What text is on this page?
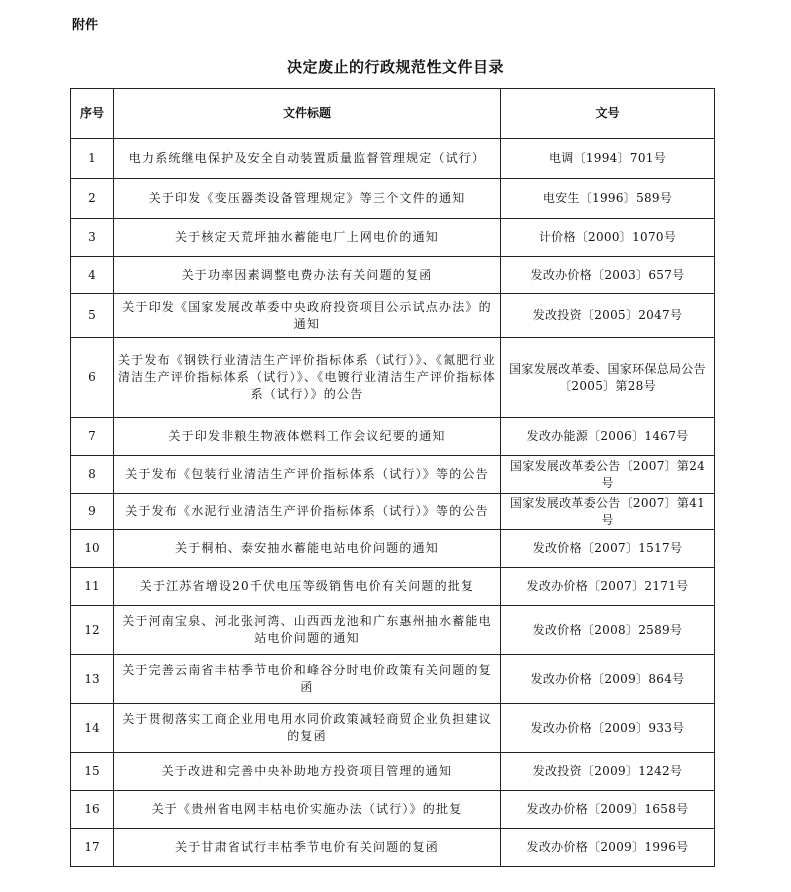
附件
决定废止的行政规范性文件目录
序号	文件标题	文号
1	电力系统继电保护及安全自动装置质量监督管理规定（试行）	电调〔1994〕701号
2	关于印发《变压器类设备管理规定》等三个文件的通知	电安生〔1996〕589号
3	关于核定天荒坪抽水蓄能电厂上网电价的通知	计价格〔2000〕1070号
4	关于功率因素调整电费办法有关问题的复函	发改办价格〔2003〕657号
5	关于印发《国家发展改革委中央政府投资项目公示试点办法》的通知	发改投资〔2005〕2047号
6	关于发布《钢铁行业清洁生产评价指标体系（试行）》、《氮肥行业清洁生产评价指标体系（试行）》、《电镀行业清洁生产评价指标体系（试行）》的公告	国家发展改革委、国家环保总局公告 〔2005〕第28号
7	关于印发非粮生物液体燃料工作会议纪要的通知	发改办能源〔2006〕1467号
8	关于发布《包装行业清洁生产评价指标体系（试行）》等的公告	国家发展改革委公告〔2007〕第24号
9	关于发布《水泥行业清洁生产评价指标体系（试行）》等的公告	国家发展改革委公告〔2007〕第41号
10	关于桐柏、泰安抽水蓄能电站电价问题的通知	发改价格〔2007〕1517号
11	关于江苏省增设20千伏电压等级销售电价有关问题的批复	发改办价格〔2007〕2171号
12	关于河南宝泉、河北张河湾、山西西龙池和广东惠州抽水蓄能电站电价问题的通知	发改价格〔2008〕2589号
13	关于完善云南省丰枯季节电价和峰谷分时电价政策有关问题的复函	发改办价格〔2009〕864号
14	关于贯彻落实工商企业用电用水同价政策减轻商贸企业负担建议的复函	发改办价格〔2009〕933号
15	关于改进和完善中央补助地方投资项目管理的通知	发改投资〔2009〕1242号
16	关于《贵州省电网丰枯电价实施办法（试行）》的批复	发改办价格〔2009〕1658号
17	关于甘肃省试行丰枯季节电价有关问题的复函	发改办价格〔2009〕1996号
